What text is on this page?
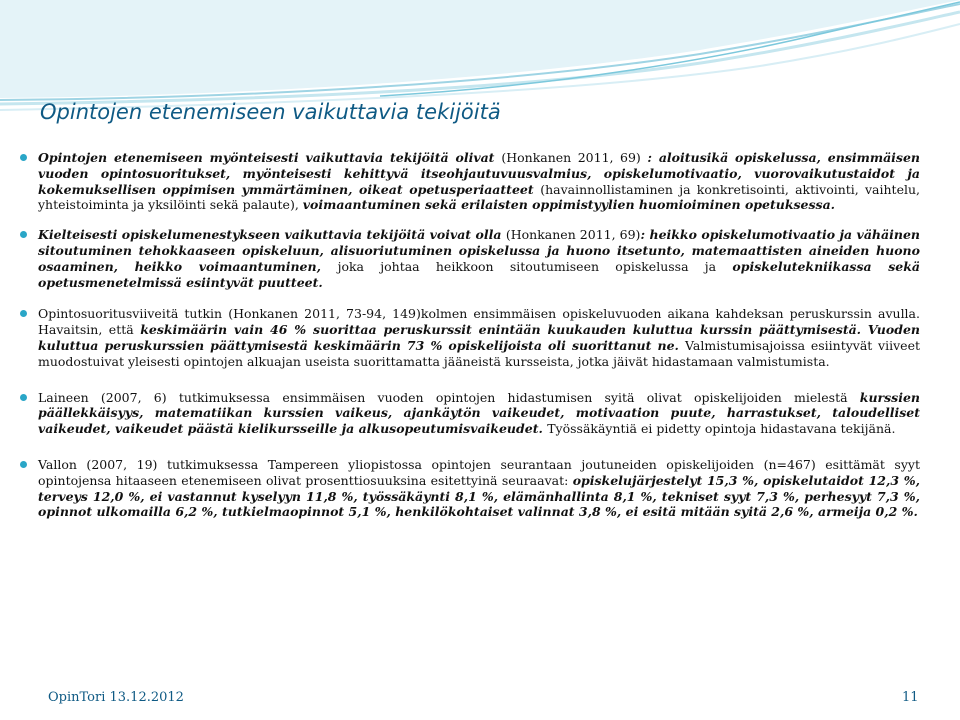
Opintojen etenemiseen vaikuttavia tekijöitä
Opintojen etenemiseen myönteisesti vaikuttavia tekijöitä olivat (Honkanen 2011, 69) : aloitusikä opiskelussa, ensimmäisen vuoden opintosuoritukset, myönteisesti kehittyvä itseohjautuvuusvalmius, opiskelumotivaatio, vuorovaikutustaidot ja kokemuksellisen oppimisen ymmärtäminen, oikeat opetusperiaatteet (havainnollistaminen ja konkretisointi, aktivointi, vaihtelu, yhteistoiminta ja yksilöinti sekä palaute), voimaantuminen sekä erilaisten oppimistyylien huomioiminen opetuksessa.
Kielteisesti opiskelumenestykseen vaikuttavia tekijöitä voivat olla (Honkanen 2011, 69): heikko opiskelumotivaatio ja vähäinen sitoutuminen tehokkaaseen opiskeluun, alisuoriutuminen opiskelussa ja huono itsetunto, matemaattisten aineiden huono osaaminen, heikko voimaantuminen, joka johtaa heikkoon sitoutumiseen opiskelussa ja opiskelutekniikassa sekä opetusmenetelmissä esiintyvät puutteet.
Opintosuoritusviiveitä tutkin (Honkanen 2011, 73-94, 149)kolmen ensimmäisen opiskeluvuoden aikana kahdeksan peruskurssin avulla. Havaitsin, että keskimäärin vain 46 % suorittaa peruskurssit enintään kuukauden kuluttua kurssin päättymisestä. Vuoden kuluttua peruskurssien päättymisestä keskimäärin 73 % opiskelijoista oli suorittanut ne. Valmistumisajoissa esiintyvät viiveet muodostuivat yleisesti opintojen alkuajan useista suorittamatta jääneistä kursseista, jotka jäivät hidastamaan valmistumista.
Laineen (2007, 6) tutkimuksessa ensimmäisen vuoden opintojen hidastumisen syitä olivat opiskelijoiden mielestä kurssien päällekkäisyys, matematiikan kurssien vaikeus, ajankäytön vaikeudet, motivaation puute, harrastukset, taloudelliset vaikeudet, vaikeudet päästä kielikursseille ja alkusopeutumisvaikeudet. Työssäkäyntiä ei pidetty opintoja hidastavana tekijänä.
Vallon (2007, 19) tutkimuksessa Tampereen yliopistossa opintojen seurantaan joutuneiden opiskelijoiden (n=467) esittämät syyt opintojensa hitaaseen etenemiseen olivat prosenttiosuuksina esitettyinä seuraavat: opiskelujärjestelyt 15,3 %, opiskelutaidot 12,3 %, terveys 12,0 %, ei vastannut kyselyyn 11,8 %, työssäkäynti 8,1 %, elämänhallinta 8,1 %, tekniset syyt 7,3 %, perhesyyt 7,3 %, opinnot ulkomailla 6,2 %, tutkielmaopinnot 5,1 %, henkilökohtaiset valinnat 3,8 %, ei esitä mitään syitä 2,6 %, armeija 0,2 %.
OpinTori 13.12.2012	11
